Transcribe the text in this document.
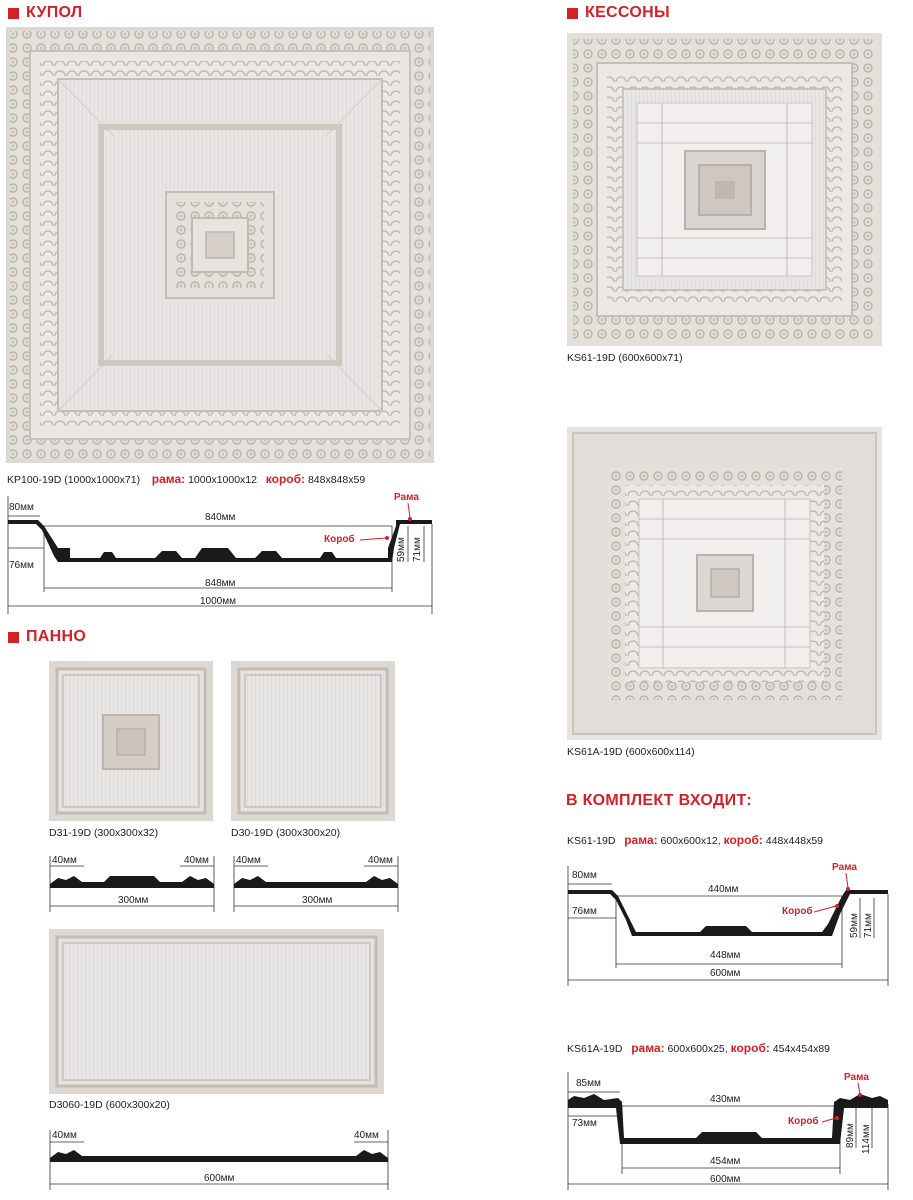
КУПОЛ	КЕССОНЫ
ПАННО
В КОМПЛЕКТ ВХОДИТ:
KP100-19D (1000x1000x71) рама: 1000x1000x12 короб: 848x848x59
80мм
840мм
76мм
848мм
1000мм
59мм 71мм
Рама
Короб
KS61-19D (600x600x71)
KS61A-19D (600x600x114)
KS61-19D рама: 600x600x12, короб: 448x448x59
80мм
440мм
76мм
448мм
600мм
59мм 71мм
Рама
Короб
KS61A-19D рама: 600x600x25, короб: 454x454x89
85мм
430мм
73мм
454мм
600мм
89мм 114мм
Рама
Короб
D31-19D (300x300x32)	D30-19D (300x300x20)
40мм	40мм
300мм
40мм	40мм
300мм
D3060-19D (600x300x20)
40мм	40мм
600мм
